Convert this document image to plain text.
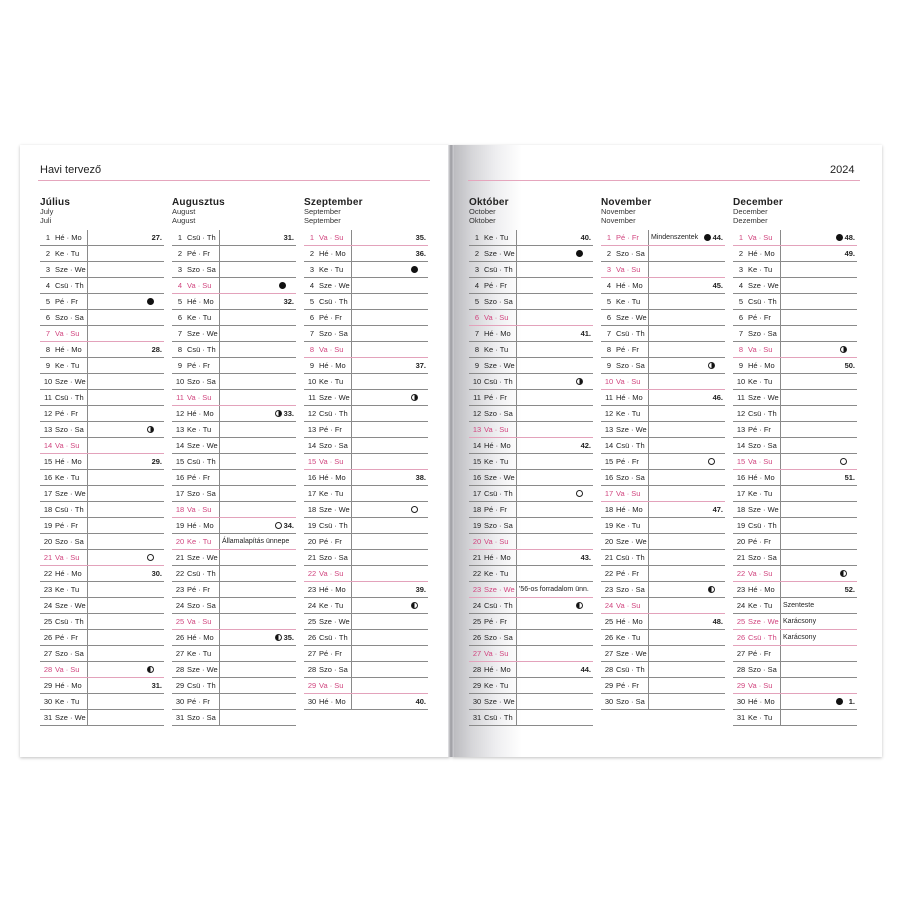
Havi tervező	2024
Július
July
Juli
1 Hé · Mo	27.
2 Ke · Tu
3 Sze · We
4 Csü · Th
5 Pé · Fr
6 Szo · Sa
7 Va · Su
8 Hé · Mo	28.
9 Ke · Tu
10 Sze · We
11 Csü · Th
12 Pé · Fr
13 Szo · Sa
14 Va · Su
15 Hé · Mo	29.
16 Ke · Tu
17 Sze · We
18 Csü · Th
19 Pé · Fr
20 Szo · Sa
21 Va · Su
22 Hé · Mo	30.
23 Ke · Tu
24 Sze · We
25 Csü · Th
26 Pé · Fr
27 Szo · Sa
28 Va · Su
29 Hé · Mo	31.
30 Ke · Tu
31 Sze · We
Augusztus
August
August
1 Csü · Th	31.
2 Pé · Fr
3 Szo · Sa
4 Va · Su
5 Hé · Mo	32.
6 Ke · Tu
7 Sze · We
8 Csü · Th
9 Pé · Fr
10 Szo · Sa
11 Va · Su
12 Hé · Mo	33.
13 Ke · Tu
14 Sze · We
15 Csü · Th
16 Pé · Fr
17 Szo · Sa
18 Va · Su
19 Hé · Mo	34.
20 Ke · Tu Államalapítás ünnepe
21 Sze · We
22 Csü · Th
23 Pé · Fr
24 Szo · Sa
25 Va · Su
26 Hé · Mo	35.
27 Ke · Tu
28 Sze · We
29 Csü · Th
30 Pé · Fr
31 Szo · Sa
Szeptember
September
September
1 Va · Su	35.
2 Hé · Mo	36.
3 Ke · Tu
4 Sze · We
5 Csü · Th
6 Pé · Fr
7 Szo · Sa
8 Va · Su
9 Hé · Mo	37.
10 Ke · Tu
11 Sze · We
12 Csü · Th
13 Pé · Fr
14 Szo · Sa
15 Va · Su
16 Hé · Mo	38.
17 Ke · Tu
18 Sze · We
19 Csü · Th
20 Pé · Fr
21 Szo · Sa
22 Va · Su
23 Hé · Mo	39.
24 Ke · Tu
25 Sze · We
26 Csü · Th
27 Pé · Fr
28 Szo · Sa
29 Va · Su
30 Hé · Mo	40.
Október
October
Oktober
1 Ke · Tu	40.
2 Sze · We
3 Csü · Th
4 Pé · Fr
5 Szo · Sa
6 Va · Su
7 Hé · Mo	41.
8 Ke · Tu
9 Sze · We
10 Csü · Th
11 Pé · Fr
12 Szo · Sa
13 Va · Su
14 Hé · Mo	42.
15 Ke · Tu
16 Sze · We
17 Csü · Th
18 Pé · Fr
19 Szo · Sa
20 Va · Su
21 Hé · Mo	43.
22 Ke · Tu
23 Sze · We '56-os forradalom ünn.
24 Csü · Th
25 Pé · Fr
26 Szo · Sa
27 Va · Su
28 Hé · Mo	44.
29 Ke · Tu
30 Sze · We
31 Csü · Th
November
November
November
1 Pé · Fr Mindenszentek 44.
2 Szo · Sa
3 Va · Su
4 Hé · Mo	45.
5 Ke · Tu
6 Sze · We
7 Csü · Th
8 Pé · Fr
9 Szo · Sa
10 Va · Su
11 Hé · Mo	46.
12 Ke · Tu
13 Sze · We
14 Csü · Th
15 Pé · Fr
16 Szo · Sa
17 Va · Su
18 Hé · Mo	47.
19 Ke · Tu
20 Sze · We
21 Csü · Th
22 Pé · Fr
23 Szo · Sa
24 Va · Su
25 Hé · Mo	48.
26 Ke · Tu
27 Sze · We
28 Csü · Th
29 Pé · Fr
30 Szo · Sa
December
December
Dezember
1 Va · Su	48.
2 Hé · Mo	49.
3 Ke · Tu
4 Sze · We
5 Csü · Th
6 Pé · Fr
7 Szo · Sa
8 Va · Su
9 Hé · Mo	50.
10 Ke · Tu
11 Sze · We
12 Csü · Th
13 Pé · Fr
14 Szo · Sa
15 Va · Su
16 Hé · Mo	51.
17 Ke · Tu
18 Sze · We
19 Csü · Th
20 Pé · Fr
21 Szo · Sa
22 Va · Su
23 Hé · Mo	52.
24 Ke · Tu Szenteste
25 Sze · We Karácsony
26 Csü · Th Karácsony
27 Pé · Fr
28 Szo · Sa
29 Va · Su
30 Hé · Mo	1.
31 Ke · Tu
